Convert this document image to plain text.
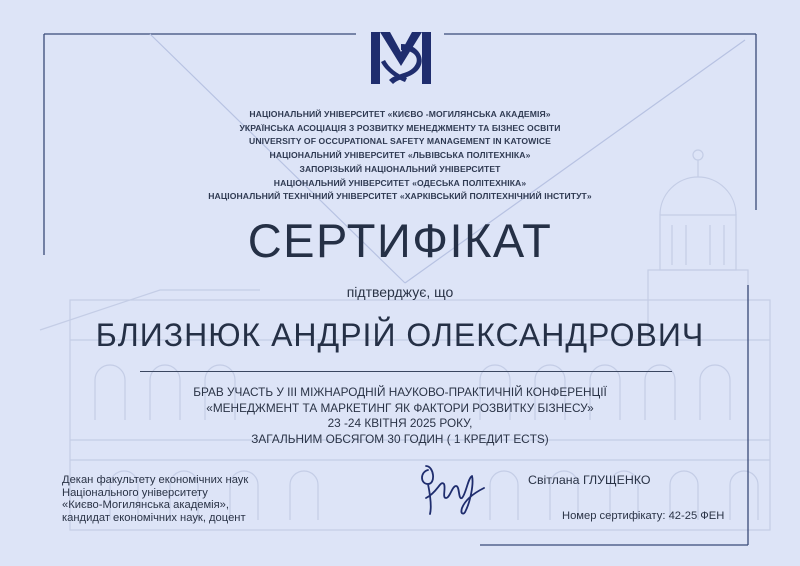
НАЦІОНАЛЬНИЙ УНІВЕРСИТЕТ «КИЄВО -МОГИЛЯНСЬКА АКАДЕМІЯ»
УКРАЇНСЬКА АСОЦІАЦІЯ З РОЗВИТКУ МЕНЕДЖМЕНТУ ТА БІЗНЕС ОСВІТИ
UNIVERSITY OF OCCUPATIONAL SAFETY MANAGEMENT IN KATOWICE
НАЦІОНАЛЬНИЙ УНІВЕРСИТЕТ «ЛЬВІВСЬКА ПОЛІТЕХНІКА»
ЗАПОРІЗЬКИЙ НАЦІОНАЛЬНИЙ УНІВЕРСИТЕТ
НАЦІОНАЛЬНИЙ УНІВЕРСИТЕТ «ОДЕСЬКА ПОЛІТЕХНІКА»
НАЦІОНАЛЬНИЙ ТЕХНІЧНИЙ УНІВЕРСИТЕТ «ХАРКІВСЬКИЙ ПОЛІТЕХНІЧНИЙ ІНСТИТУТ»
СЕРТИФІКАТ
підтверджує, що
БЛИЗНЮК АНДРІЙ ОЛЕКСАНДРОВИЧ
БРАВ УЧАСТЬ У ІІІ МІЖНАРОДНІЙ НАУКОВО-ПРАКТИЧНІЙ КОНФЕРЕНЦІЇ
«МЕНЕДЖМЕНТ ТА МАРКЕТИНГ ЯК ФАКТОРИ РОЗВИТКУ БІЗНЕСУ»
23 -24 КВІТНЯ 2025 РОКУ,
ЗАГАЛЬНИМ ОБСЯГОМ 30 ГОДИН ( 1 КРЕДИТ ECTS)
Декан факультету економічних наук
Національного університету
«Києво-Могилянська академія»,
кандидат економічних наук, доцент
Світлана ГЛУЩЕНКО
Номер сертифікату: 42-25 ФЕН
